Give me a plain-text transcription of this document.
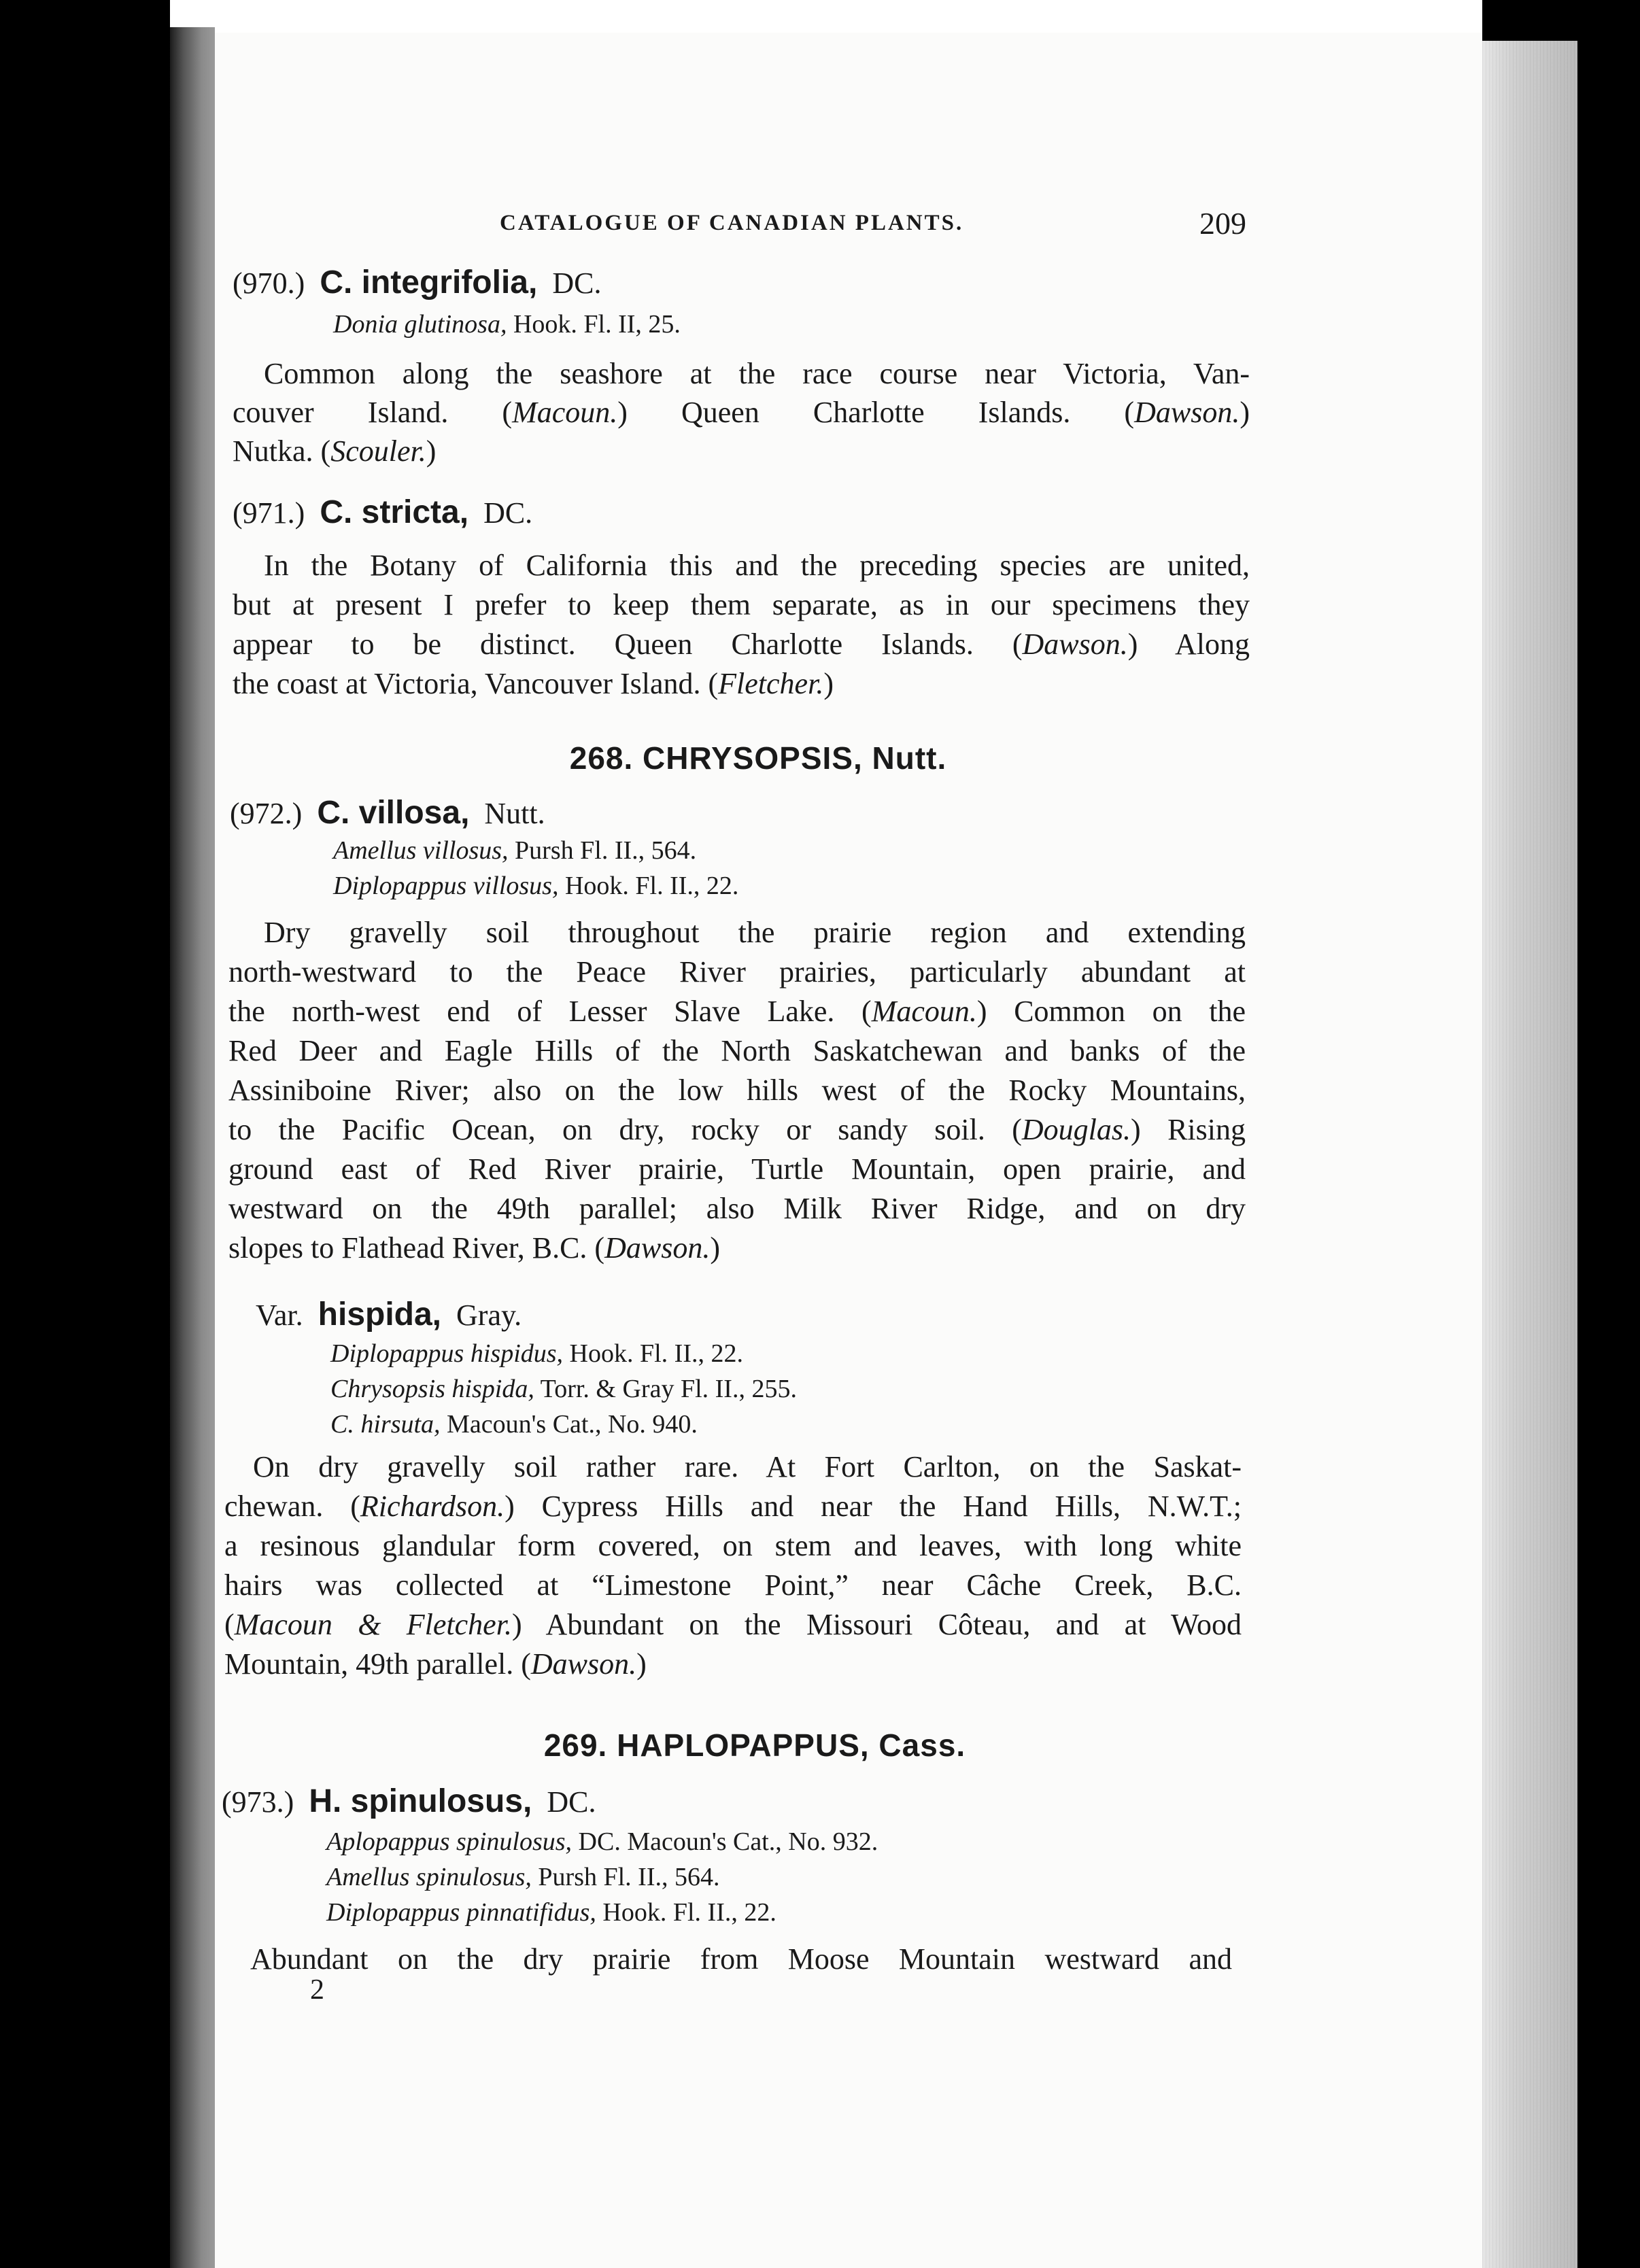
CATALOGUE OF CANADIAN PLANTS.	209
(970.) C. integrifolia, DC.
Donia glutinosa, Hook. Fl. II, 25.
Common along the seashore at the race course near Victoria, Van-
couver Island. (Macoun.) Queen Charlotte Islands. (Dawson.)
Nutka. (Scouler.)
(971.) C. stricta, DC.
In the Botany of California this and the preceding species are united,
but at present I prefer to keep them separate, as in our specimens they
appear to be distinct. Queen Charlotte Islands. (Dawson.) Along
the coast at Victoria, Vancouver Island. (Fletcher.)
268. CHRYSOPSIS, Nutt.
(972.) C. villosa, Nutt.
Amellus villosus, Pursh Fl. II., 564.
Diplopappus villosus, Hook. Fl. II., 22.
Dry gravelly soil throughout the prairie region and extending
north-westward to the Peace River prairies, particularly abundant at
the north-west end of Lesser Slave Lake. (Macoun.) Common on the
Red Deer and Eagle Hills of the North Saskatchewan and banks of the
Assiniboine River; also on the low hills west of the Rocky Mountains,
to the Pacific Ocean, on dry, rocky or sandy soil. (Douglas.) Rising
ground east of Red River prairie, Turtle Mountain, open prairie, and
westward on the 49th parallel; also Milk River Ridge, and on dry
slopes to Flathead River, B.C. (Dawson.)
Var. hispida, Gray.
Diplopappus hispidus, Hook. Fl. II., 22.
Chrysopsis hispida, Torr. & Gray Fl. II., 255.
C. hirsuta, Macoun's Cat., No. 940.
On dry gravelly soil rather rare. At Fort Carlton, on the Saskat-
chewan. (Richardson.) Cypress Hills and near the Hand Hills, N.W.T.;
a resinous glandular form covered, on stem and leaves, with long white
hairs was collected at “Limestone Point,” near Câche Creek, B.C.
(Macoun & Fletcher.) Abundant on the Missouri Côteau, and at Wood
Mountain, 49th parallel. (Dawson.)
269. HAPLOPAPPUS, Cass.
(973.) H. spinulosus, DC.
Aplopappus spinulosus, DC. Macoun's Cat., No. 932.
Amellus spinulosus, Pursh Fl. II., 564.
Diplopappus pinnatifidus, Hook. Fl. II., 22.
Abundant on the dry prairie from Moose Mountain westward and
2
